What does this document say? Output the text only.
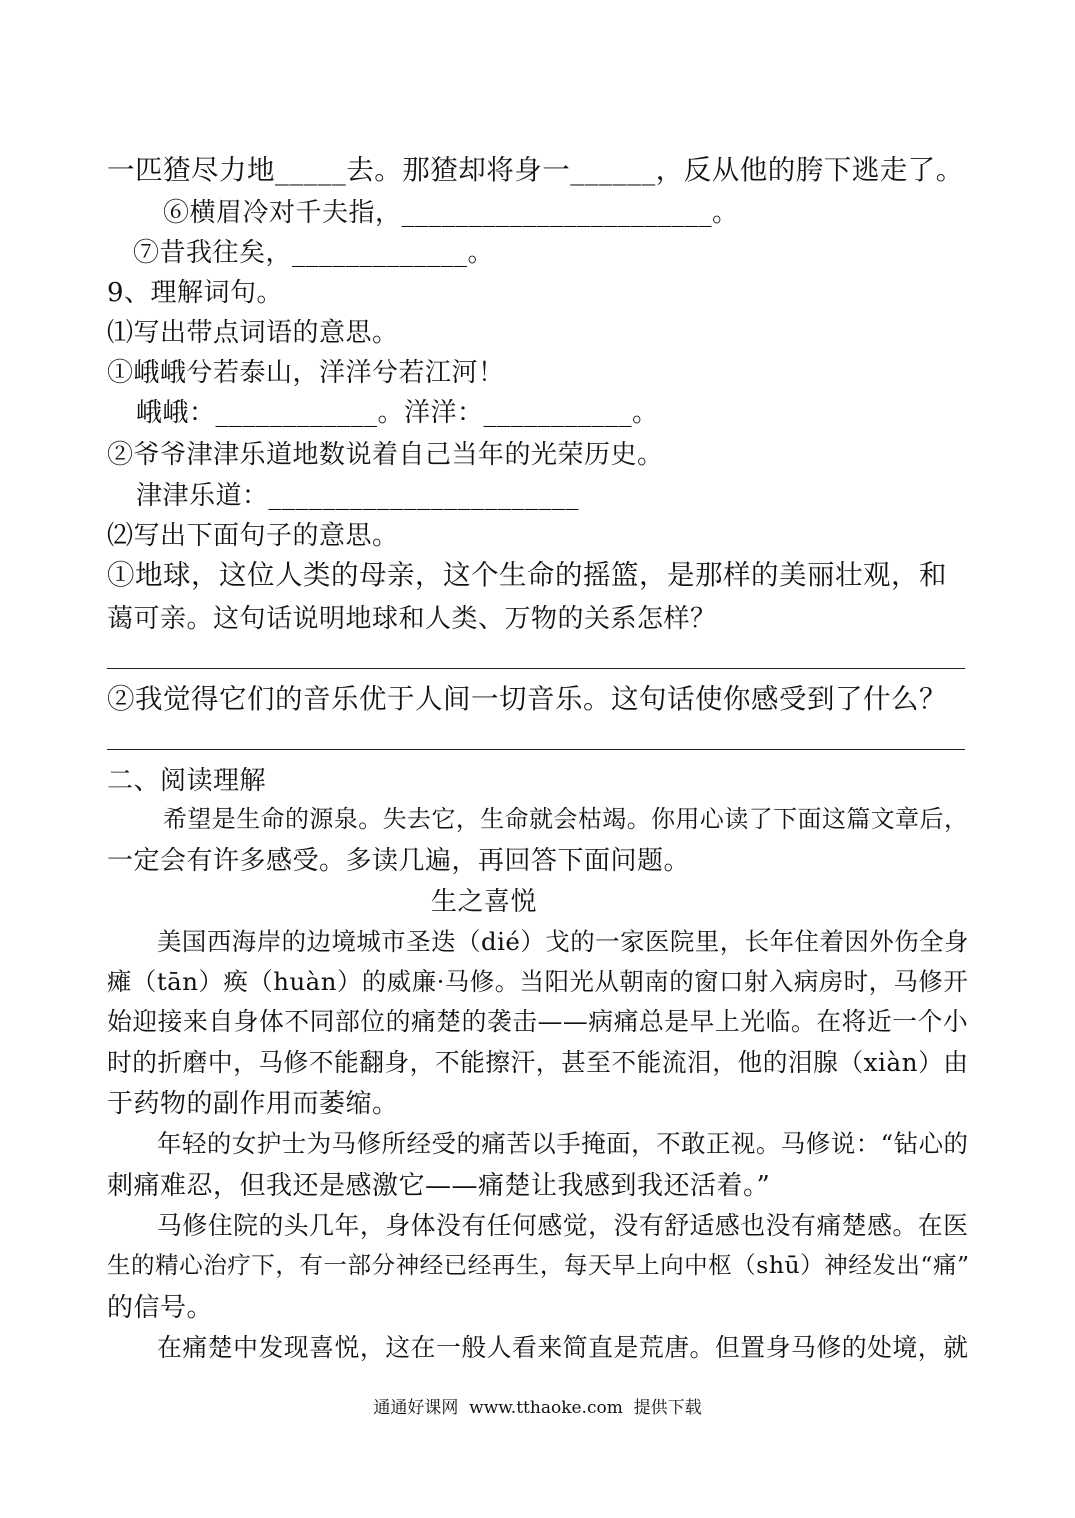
一匹猹尽力地_____去。那猹却将身一______，反从他的胯下逃走了。
⑥横眉冷对千夫指，_______________________。
⑦昔我往矣，_____________。
9、理解词句。
⑴写出带点词语的意思。
①峨峨兮若泰山，洋洋兮若江河！
峨峨：____________。洋洋：___________。
②爷爷津津乐道地数说着自己当年的光荣历史。
津津乐道：_______________________
⑵写出下面句子的意思。
①地球，这位人类的母亲，这个生命的摇篮，是那样的美丽壮观，和
蔼可亲。这句话说明地球和人类、万物的关系怎样？
②我觉得它们的音乐优于人间一切音乐。这句话使你感受到了什么？
二、阅读理解
希望是生命的源泉。失去它，生命就会枯竭。你用心读了下面这篇文章后，
一定会有许多感受。多读几遍，再回答下面问题。
生之喜悦
美国西海岸的边境城市圣迭（dié）戈的一家医院里，长年住着因外伤全身
瘫（tān）痪（huàn）的威廉·马修。当阳光从朝南的窗口射入病房时，马修开
始迎接来自身体不同部位的痛楚的袭击——病痛总是早上光临。在将近一个小
时的折磨中，马修不能翻身，不能擦汗，甚至不能流泪，他的泪腺（xiàn）由
于药物的副作用而萎缩。
年轻的女护士为马修所经受的痛苦以手掩面，不敢正视。马修说：“钻心的
刺痛难忍，但我还是感激它——痛楚让我感到我还活着。”
马修住院的头几年，身体没有任何感觉，没有舒适感也没有痛楚感。在医
生的精心治疗下，有一部分神经已经再生，每天早上向中枢（shū）神经发出“痛”
的信号。
在痛楚中发现喜悦，这在一般人看来简直是荒唐。但置身马修的处境，就
通通好课网  www.tthaoke.com  提供下载
